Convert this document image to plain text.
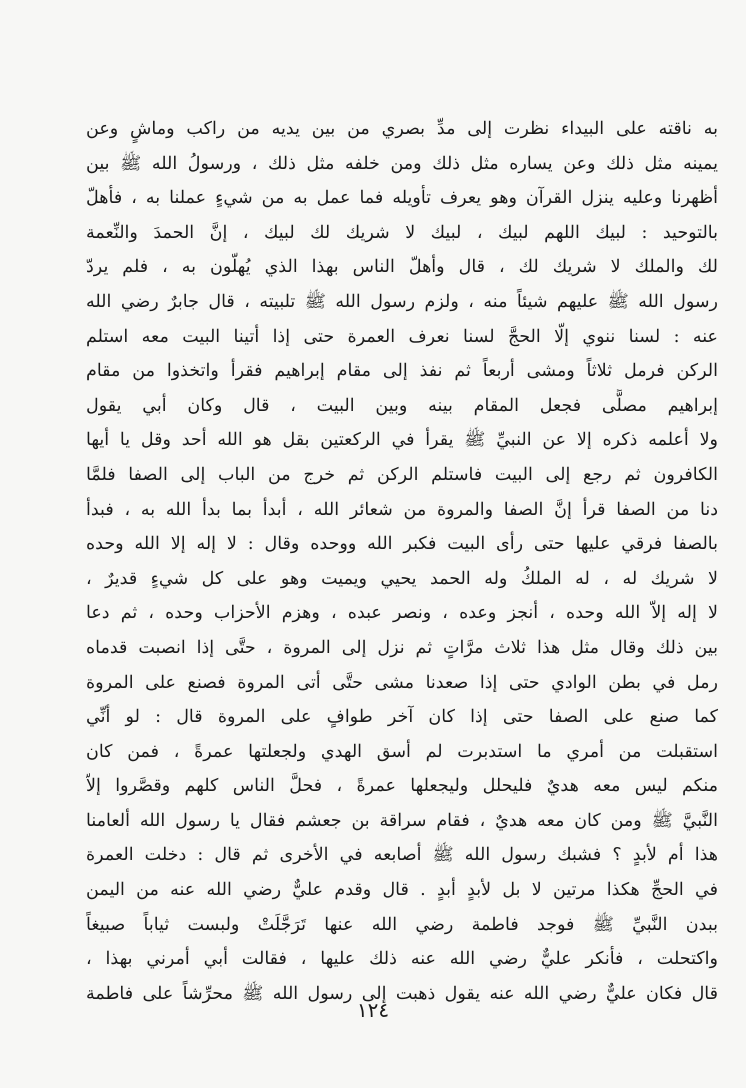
به ناقته على البيداء نظرت إلى مدِّ بصري من بين يديه من راكب وماشٍ وعن
يمينه مثل ذلك وعن يساره مثل ذلك ومن خلفه مثل ذلك ، ورسولُ الله ﷺ بين
أظهرنا وعليه ينزل القرآن وهو يعرف تأويله فما عمل به من شيءٍ عملنا به ، فأهلّ
بالتوحيد : لبيك اللهم لبيك ، لبيك لا شريك لك لبيك ، إنَّ الحمدَ والنِّعمة
لك والملك لا شريك لك ، قال وأهلّ الناس بهذا الذي يُهلّون به ، فلم يردّ
رسول الله ﷺ عليهم شيئاً منه ، ولزم رسول الله ﷺ تلبيته ، قال جابرٌ رضي الله
عنه : لسنا ننوي إلّا الحجَّ لسنا نعرف العمرة حتى إذا أتينا البيت معه استلم
الركن فرمل ثلاثاً ومشى أربعاً ثم نفذ إلى مقام إبراهيم فقرأ واتخذوا من مقام
إبراهيم مصلًّى فجعل المقام بينه وبين البيت ، قال وكان أبي يقول
ولا أعلمه ذكره إلا عن النبيِّ ﷺ يقرأ في الركعتين بقل هو الله أحد وقل يا أيها
الكافرون ثم رجع إلى البيت فاستلم الركن ثم خرج من الباب إلى الصفا فلمَّا
دنا من الصفا قرأ إنَّ الصفا والمروة من شعائر الله ، أبدأ بما بدأ الله به ، فبدأ
بالصفا فرقي عليها حتى رأى البيت فكبر الله ووحده وقال : لا إله إلا الله وحده
لا شريك له ، له الملكُ وله الحمد يحيي ويميت وهو على كل شيءٍ قديرٌ ،
لا إله إلاّ الله وحده ، أنجز وعده ، ونصر عبده ، وهزم الأحزاب وحده ، ثم دعا
بين ذلك وقال مثل هذا ثلاث مرَّاتٍ ثم نزل إلى المروة ، حتَّى إذا انصبت قدماه
رمل في بطن الوادي حتى إذا صعدنا مشى حتَّى أتى المروة فصنع على المروة
كما صنع على الصفا حتى إذا كان آخر طوافٍ على المروة قال : لو أنِّي
استقبلت من أمري ما استدبرت لم أسق الهدي ولجعلتها عمرةً ، فمن كان
منكم ليس معه هديٌ فليحلل وليجعلها عمرةً ، فحلَّ الناس كلهم وقصَّروا إلاّ
النَّبيَّ ﷺ ومن كان معه هديٌ ، فقام سراقة بن جعشم فقال يا رسول الله ألعامنا
هذا أم لأبدٍ ؟ فشبك رسول الله ﷺ أصابعه في الأخرى ثم قال : دخلت العمرة
في الحجِّ هكذا مرتين لا بل لأبدٍ أبدٍ . قال وقدم عليٌّ رضي الله عنه من اليمن
ببدن النَّبيِّ ﷺ فوجد فاطمة رضي الله عنها تَرَجَّلَتْ ولبست ثياباً صبيغاً
واكتحلت ، فأنكر عليٌّ رضي الله عنه ذلك عليها ، فقالت أبي أمرني بهذا ،
قال فكان عليٌّ رضي الله عنه يقول ذهبت إلى رسول الله ﷺ محرِّشاً على فاطمة
١٢٤
